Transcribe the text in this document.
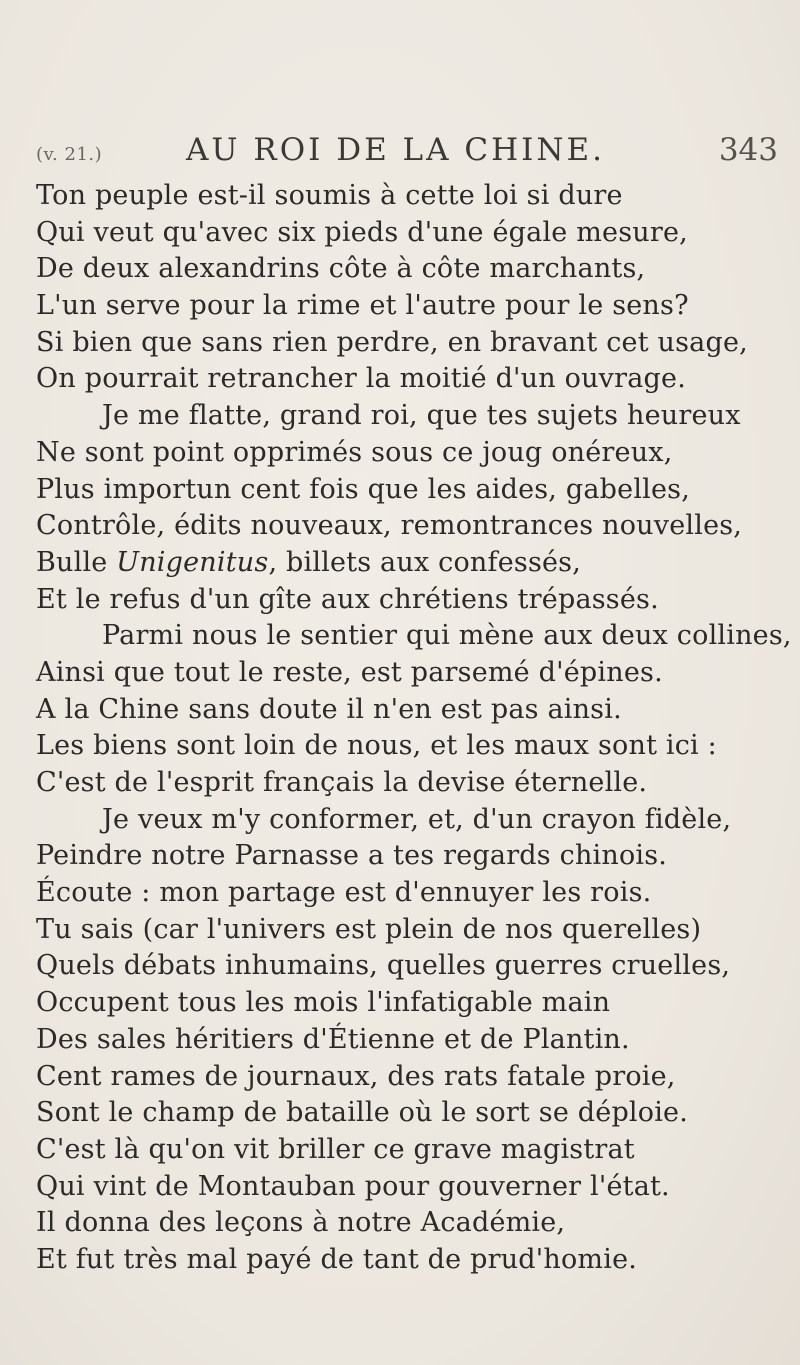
(v. 21.)	AU ROI DE LA CHINE.	343
Ton peuple est-il soumis à cette loi si dure
Qui veut qu'avec six pieds d'une égale mesure,
De deux alexandrins côte à côte marchants,
L'un serve pour la rime et l'autre pour le sens?
Si bien que sans rien perdre, en bravant cet usage,
On pourrait retrancher la moitié d'un ouvrage.
Je me flatte, grand roi, que tes sujets heureux
Ne sont point opprimés sous ce joug onéreux,
Plus importun cent fois que les aides, gabelles,
Contrôle, édits nouveaux, remontrances nouvelles,
Bulle Unigenitus, billets aux confessés,
Et le refus d'un gîte aux chrétiens trépassés.
Parmi nous le sentier qui mène aux deux collines,
Ainsi que tout le reste, est parsemé d'épines.
A la Chine sans doute il n'en est pas ainsi.
Les biens sont loin de nous, et les maux sont ici :
C'est de l'esprit français la devise éternelle.
Je veux m'y conformer, et, d'un crayon fidèle,
Peindre notre Parnasse a tes regards chinois.
Écoute : mon partage est d'ennuyer les rois.
Tu sais (car l'univers est plein de nos querelles)
Quels débats inhumains, quelles guerres cruelles,
Occupent tous les mois l'infatigable main
Des sales héritiers d'Étienne et de Plantin.
Cent rames de journaux, des rats fatale proie,
Sont le champ de bataille où le sort se déploie.
C'est là qu'on vit briller ce grave magistrat
Qui vint de Montauban pour gouverner l'état.
Il donna des leçons à notre Académie,
Et fut très mal payé de tant de prud'homie.
